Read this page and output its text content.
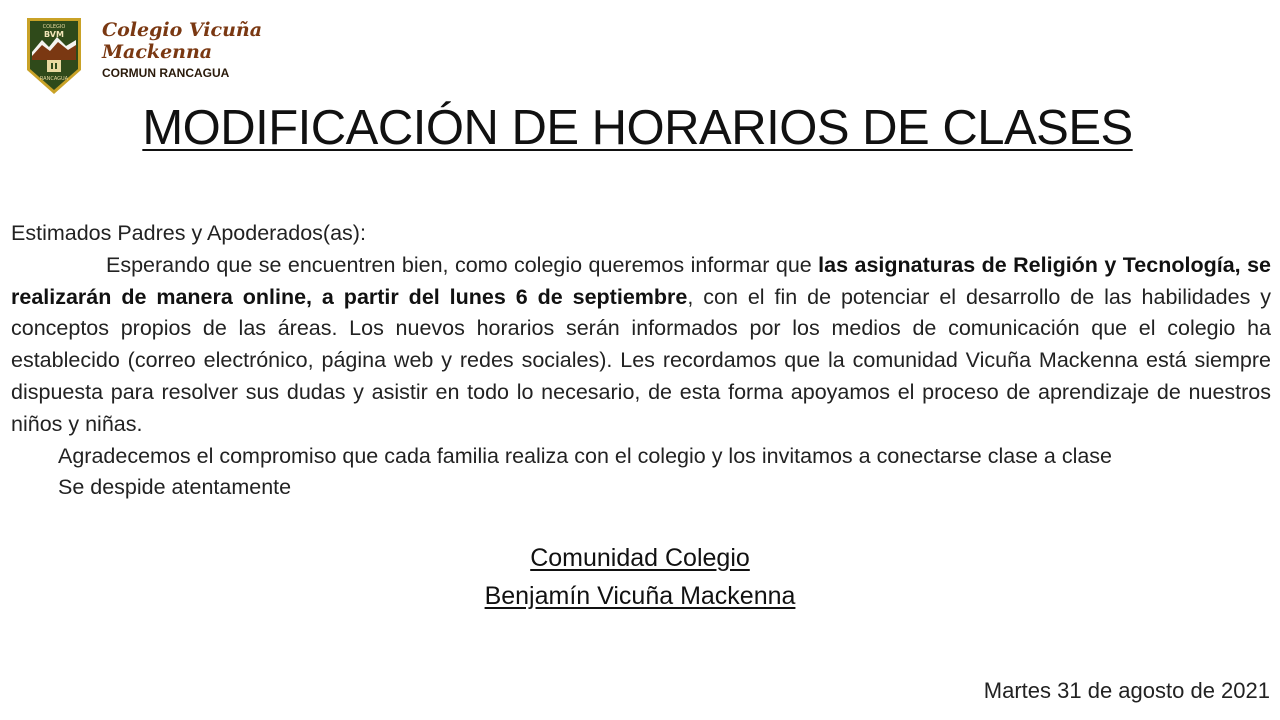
COLEGIO
BVM
RANCAGUA
Colegio Vicuña
Mackenna
CORMUN RANCAGUA
MODIFICACIÓN DE HORARIOS DE CLASES

Estimados Padres y Apoderados(as):

Esperando que se encuentren bien, como colegio queremos informar que las asignaturas de Religión y Tecnología, se realizarán de manera online, a partir del lunes 6 de septiembre, con el fin de potenciar el desarrollo de las habilidades y conceptos propios de las áreas. Los nuevos horarios serán informados por los medios de comunicación que el colegio ha establecido (correo electrónico, página web y redes sociales). Les recordamos que la comunidad Vicuña Mackenna está siempre dispuesta para resolver sus dudas y asistir en todo lo necesario, de esta forma apoyamos el proceso de aprendizaje de nuestros niños y niñas.

Agradecemos el compromiso que cada familia realiza con el colegio y los invitamos a conectarse clase a clase

Se despide atentamente

Comunidad Colegio
Benjamín Vicuña Mackenna
Martes 31 de agosto de 2021
